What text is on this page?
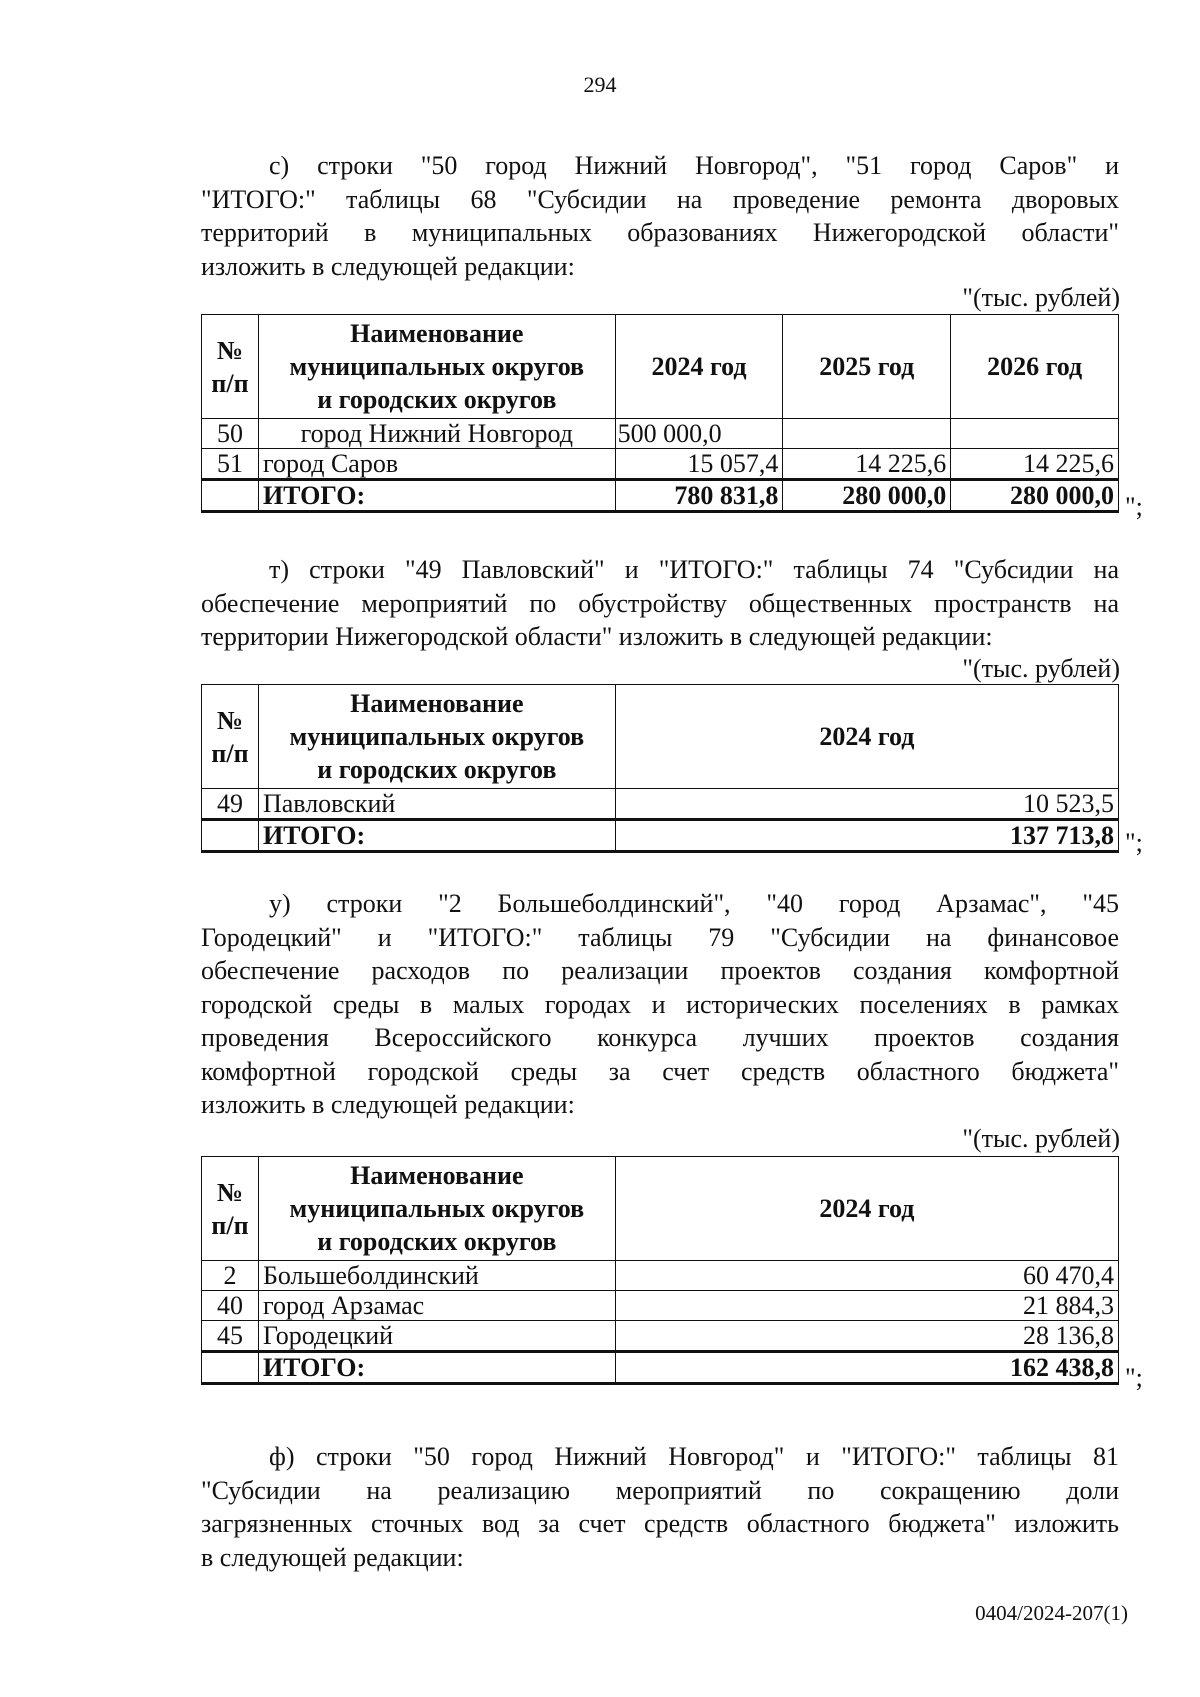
294
с) строки "50 город Нижний Новгород", "51 город Саров" и
"ИТОГО:" таблицы 68 "Субсидии на проведение ремонта дворовых
территорий в муниципальных образованиях Нижегородской области"
изложить в следующей редакции:
"(тыс. рублей)
№
п/п	Наименование
муниципальных округов
и городских округов	2024 год	2025 год	2026 год
50	город Нижний Новгород	500 000,0		
51	город Саров	15 057,4	14 225,6	14 225,6
	ИТОГО:	780 831,8	280 000,0	280 000,0 ";
т) строки "49 Павловский" и "ИТОГО:" таблицы 74 "Субсидии на
обеспечение мероприятий по обустройству общественных пространств на
территории Нижегородской области" изложить в следующей редакции:
"(тыс. рублей)
№
п/п	Наименование
муниципальных округов
и городских округов	2024 год
49	Павловский	10 523,5
	ИТОГО:	137 713,8 ";
у) строки "2 Большеболдинский", "40 город Арзамас", "45
Городецкий" и "ИТОГО:" таблицы 79 "Субсидии на финансовое
обеспечение расходов по реализации проектов создания комфортной
городской среды в малых городах и исторических поселениях в рамках
проведения Всероссийского конкурса лучших проектов создания
комфортной городской среды за счет средств областного бюджета"
изложить в следующей редакции:
"(тыс. рублей)
№
п/п	Наименование
муниципальных округов
и городских округов	2024 год
2	Большеболдинский	60 470,4
40	город Арзамас	21 884,3
45	Городецкий	28 136,8
	ИТОГО:	162 438,8 ";
ф) строки "50 город Нижний Новгород" и "ИТОГО:" таблицы 81
"Субсидии на реализацию мероприятий по сокращению доли
загрязненных сточных вод за счет средств областного бюджета" изложить
в следующей редакции:
0404/2024-207(1)
